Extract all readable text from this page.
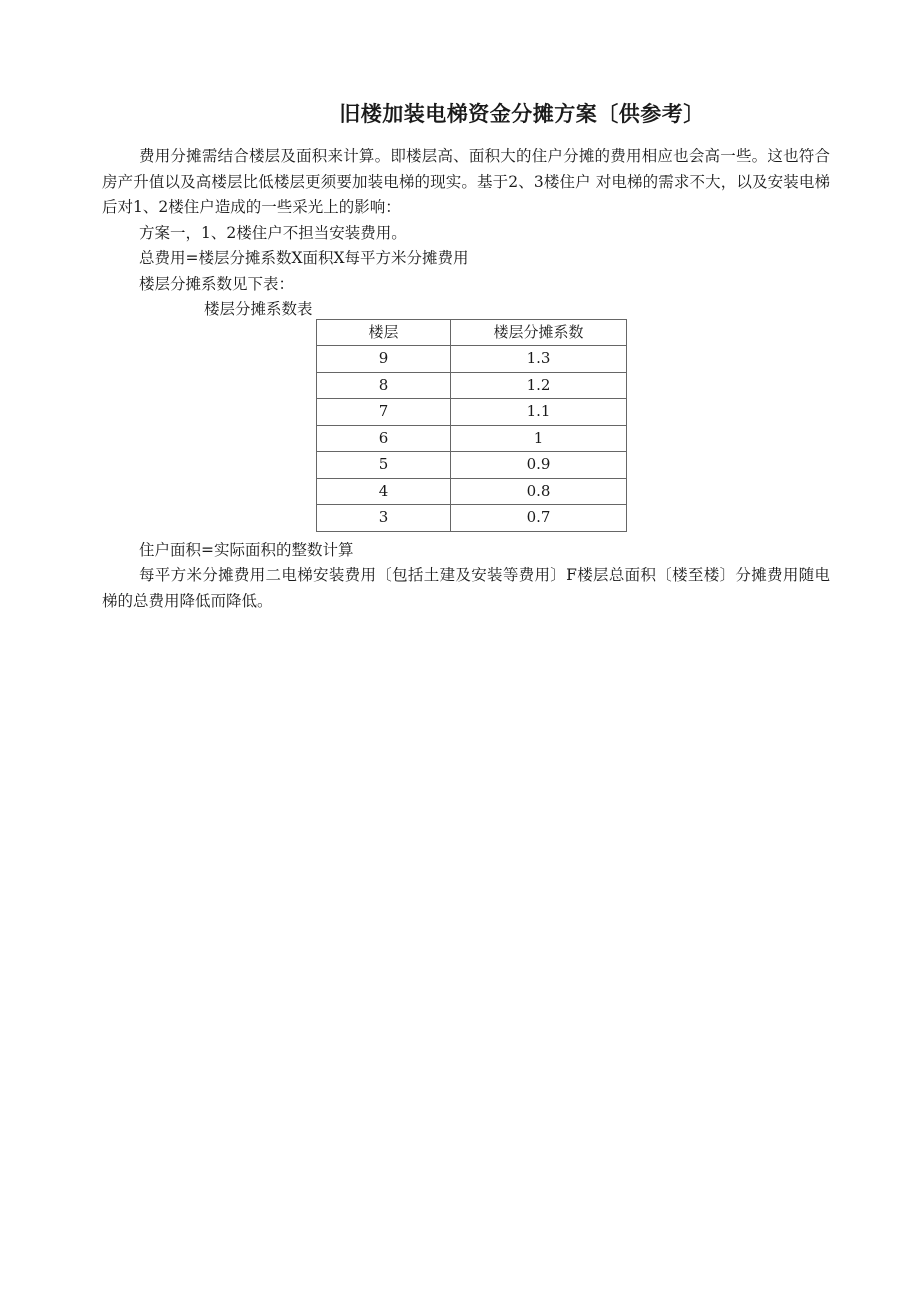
旧楼加装电梯资金分摊方案〔供参考〕

费用分摊需结合楼层及面积来计算。即楼层高、面积大的住户分摊的费用相应也会高一些。这也符合房产升值以及高楼层比低楼层更须要加装电梯的现实。基于2、3楼住户 对电梯的需求不大，以及安装电梯后对1、2楼住户造成的一些采光上的影响：

方案一，1、2楼住户不担当安装费用。

总费用=楼层分摊系数X面积X每平方米分摊费用

楼层分摊系数见下表：

楼层分摊系数表

楼层	楼层分摊系数
9	1.3
8	1.2
7	1.1
6	1
5	0.9
4	0.8
3	0.7

住户面积=实际面积的整数计算

每平方米分摊费用二电梯安装费用〔包括土建及安装等费用〕F楼层总面积〔楼至楼〕分摊费用随电梯的总费用降低而降低。
